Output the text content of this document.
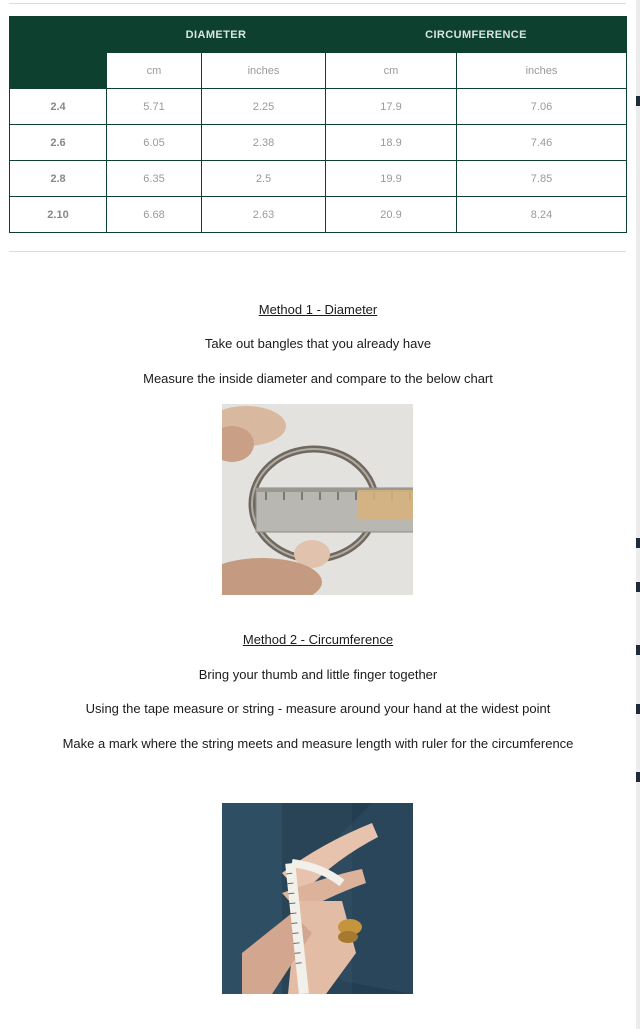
	DIAMETER		CIRCUMFERENCE	
	cm	inches	cm	inches
2.4	5.71	2.25	17.9	7.06
2.6	6.05	2.38	18.9	7.46
2.8	6.35	2.5	19.9	7.85
2.10	6.68	2.63	20.9	8.24
Method 1 - Diameter
Take out bangles that you already have
Measure the inside diameter and compare to the below chart
Method 2 - Circumference
Bring your thumb and little finger together
Using the tape measure or string - measure around your hand at the widest point
Make a mark where the string meets and measure length with ruler for the circumference
